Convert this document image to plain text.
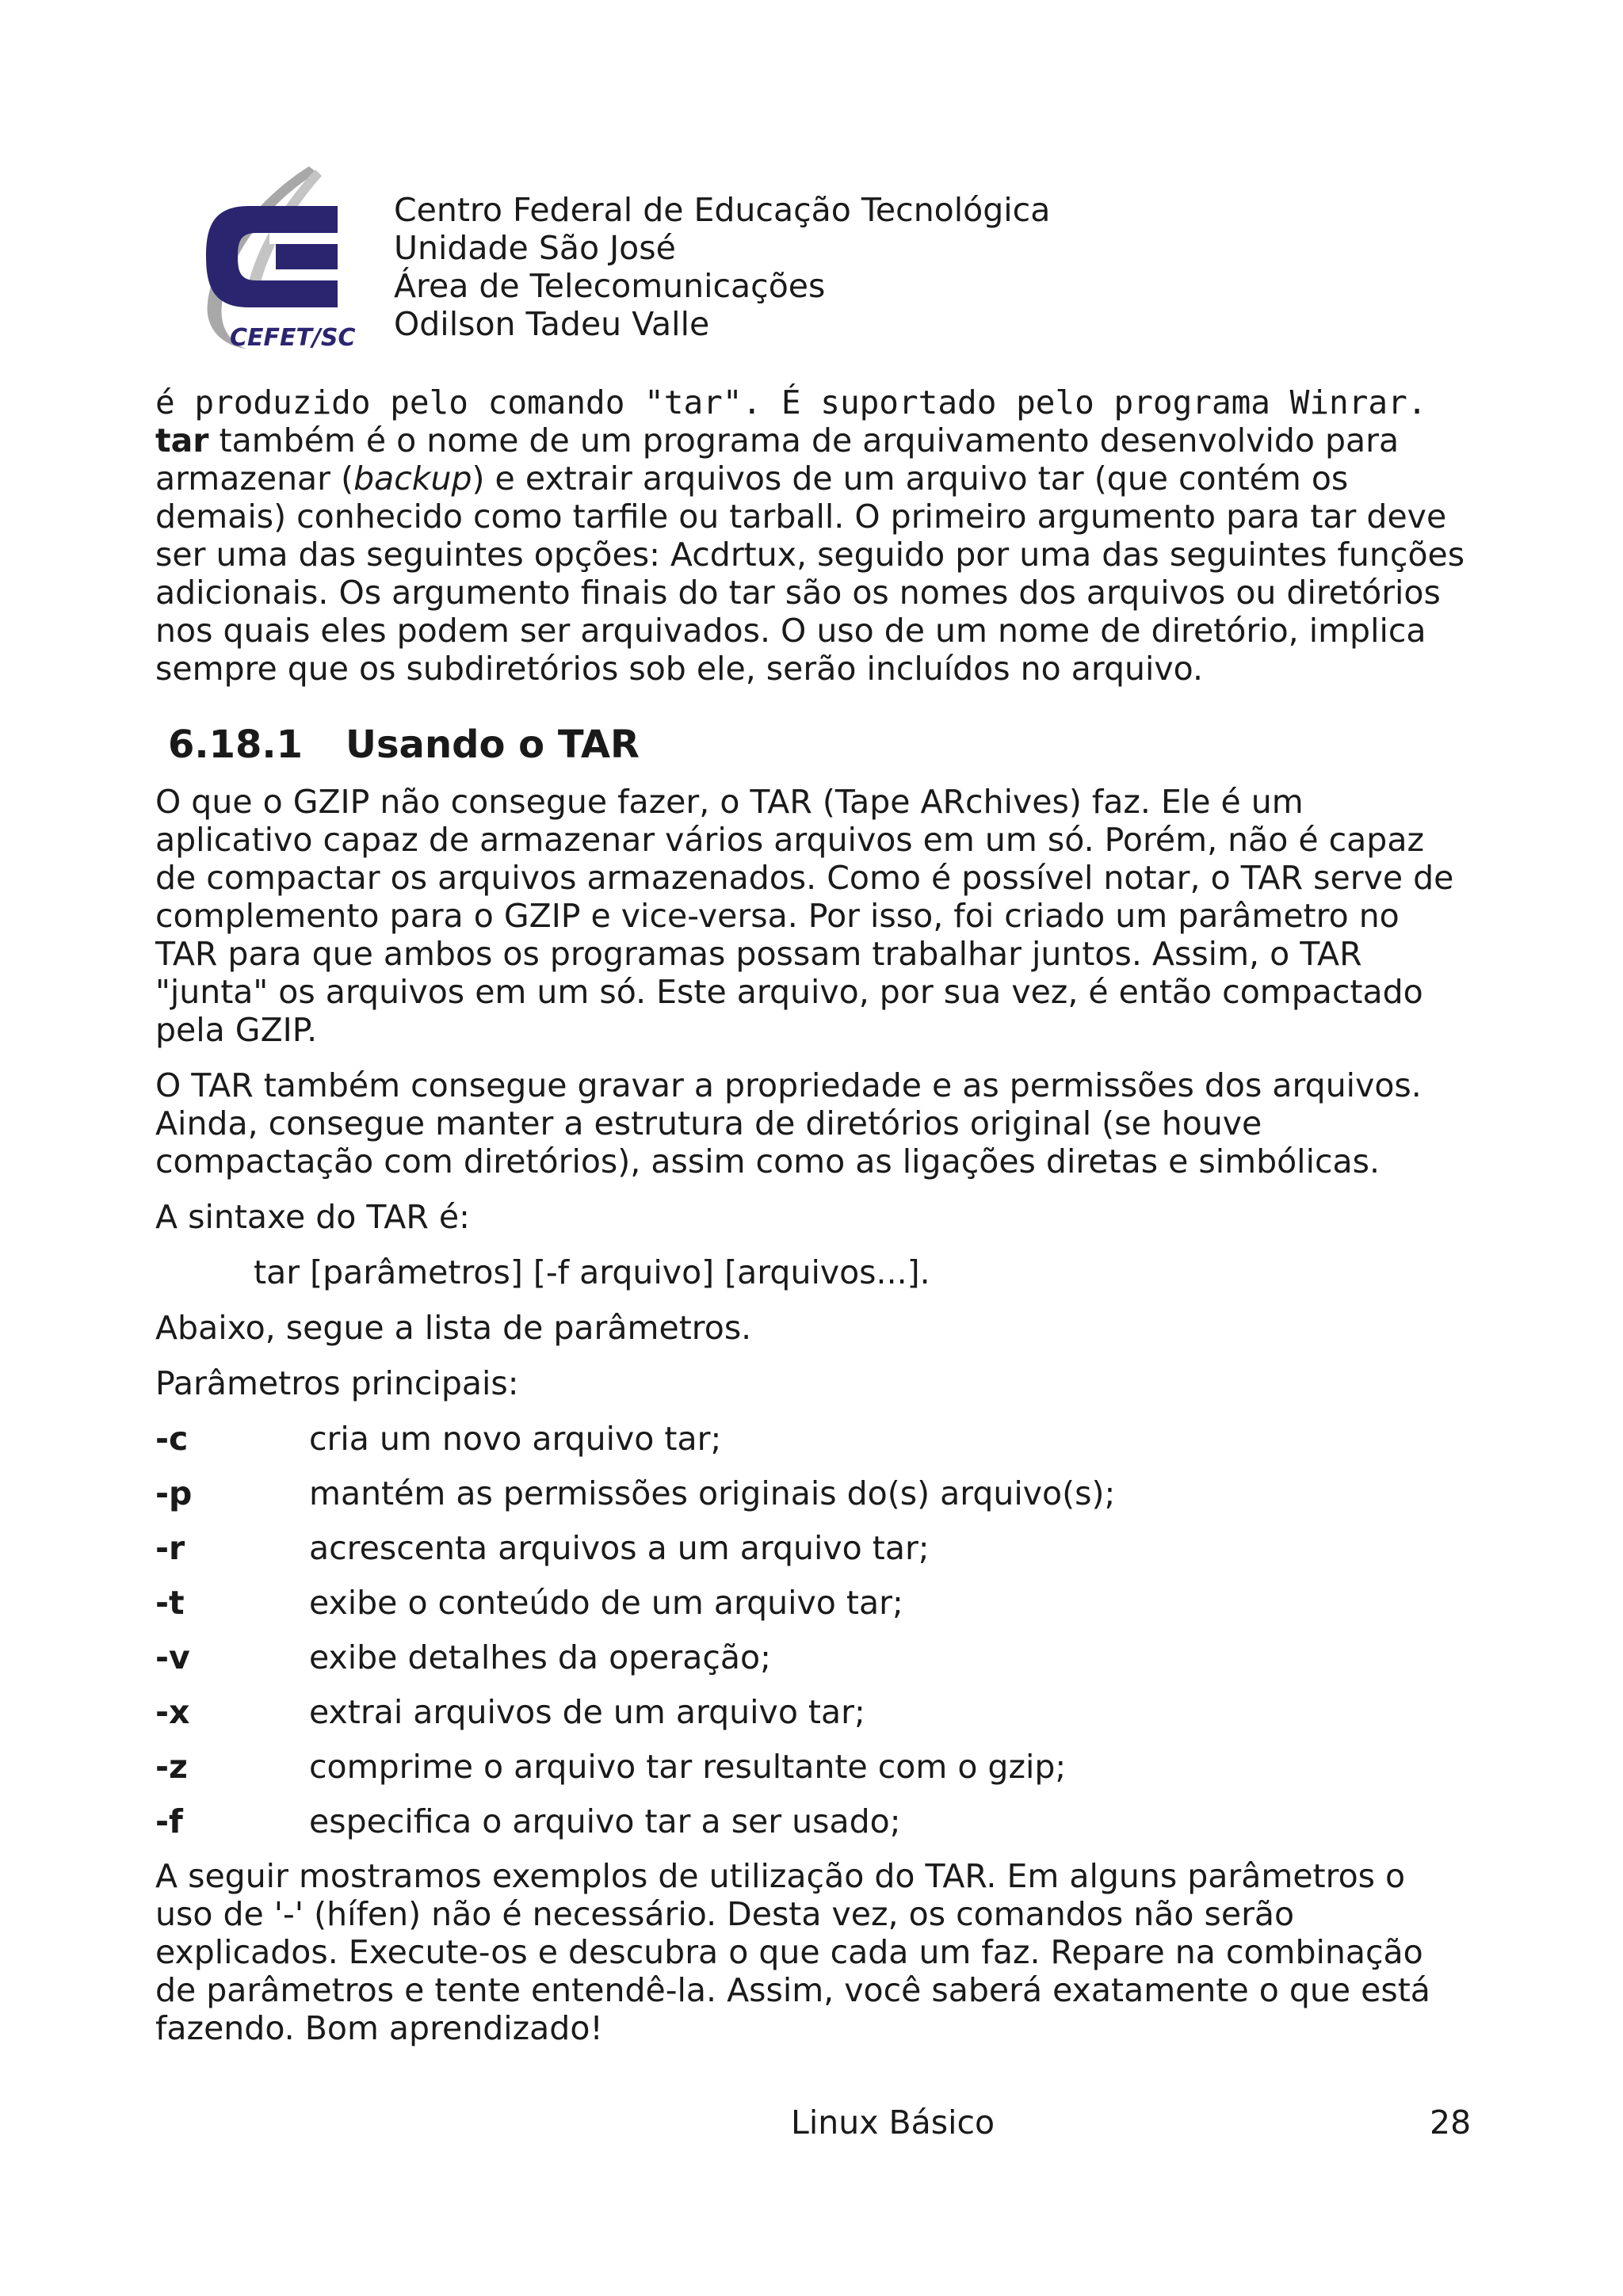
CEFET/SC
Centro Federal de Educação Tecnológica
Unidade São José
Área de Telecomunicações
Odilson Tadeu Valle
é produzido pelo comando "tar". É suportado pelo programa Winrar.

tar também é o nome de um programa de arquivamento desenvolvido para armazenar (backup) e extrair arquivos de um arquivo tar (que contém os demais) conhecido como tarfile ou tarball. O primeiro argumento para tar deve ser uma das seguintes opções: Acdrtux, seguido por uma das seguintes funções adicionais. Os argumento finais do tar são os nomes dos arquivos ou diretórios nos quais eles podem ser arquivados. O uso de um nome de diretório, implica sempre que os subdiretórios sob ele, serão incluídos no arquivo.

6.18.1 Usando o TAR

O que o GZIP não consegue fazer, o TAR (Tape ARchives) faz. Ele é um aplicativo capaz de armazenar vários arquivos em um só. Porém, não é capaz de compactar os arquivos armazenados. Como é possível notar, o TAR serve de complemento para o GZIP e vice-versa. Por isso, foi criado um parâmetro no TAR para que ambos os programas possam trabalhar juntos. Assim, o TAR "junta" os arquivos em um só. Este arquivo, por sua vez, é então compactado pela GZIP.

O TAR também consegue gravar a propriedade e as permissões dos arquivos. Ainda, consegue manter a estrutura de diretórios original (se houve compactação com diretórios), assim como as ligações diretas e simbólicas.

A sintaxe do TAR é:

tar [parâmetros] [-f arquivo] [arquivos...].

Abaixo, segue a lista de parâmetros.

Parâmetros principais:

-c	cria um novo arquivo tar;
-p	mantém as permissões originais do(s) arquivo(s);
-r	acrescenta arquivos a um arquivo tar;
-t	exibe o conteúdo de um arquivo tar;
-v	exibe detalhes da operação;
-x	extrai arquivos de um arquivo tar;
-z	comprime o arquivo tar resultante com o gzip;
-f	especifica o arquivo tar a ser usado;

A seguir mostramos exemplos de utilização do TAR. Em alguns parâmetros o uso de '-' (hífen) não é necessário. Desta vez, os comandos não serão explicados. Execute-os e descubra o que cada um faz. Repare na combinação de parâmetros e tente entendê-la. Assim, você saberá exatamente o que está fazendo. Bom aprendizado!

Linux Básico	28
